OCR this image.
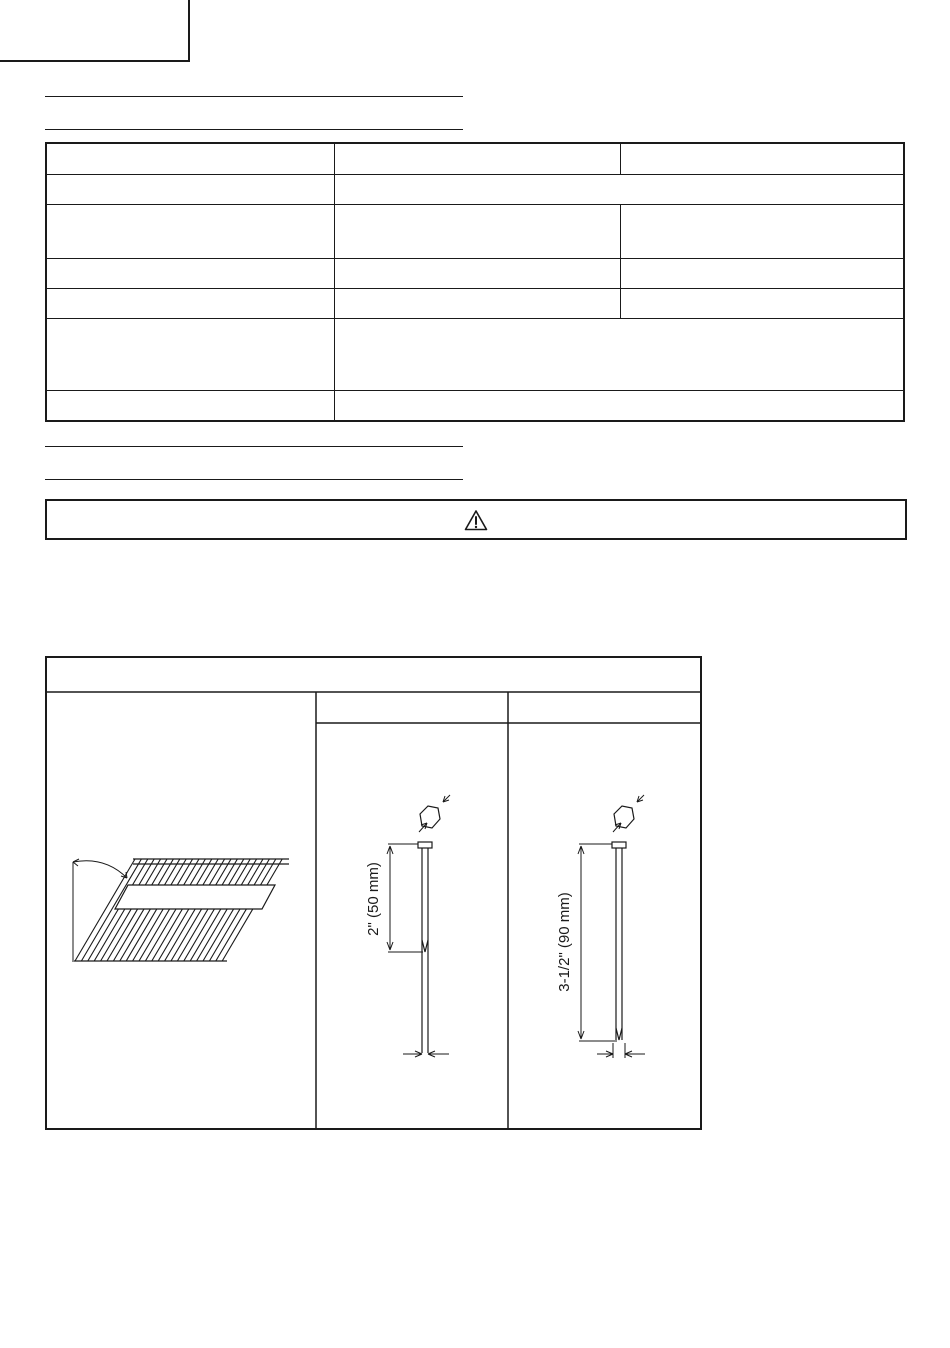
2" (50 mm)	3-1/2" (90 mm)
